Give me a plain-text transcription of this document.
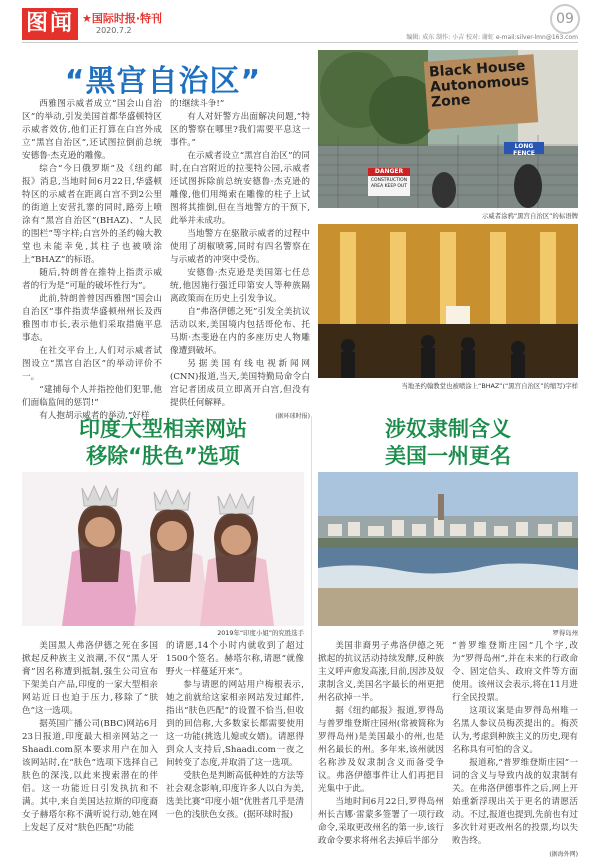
图闻 ★国际时报·特刊
2020.7.2
09
编辑: 成东 制作: 小吉 校对: 谢虹 e-mail:silver-lmn@163.com
“黑宫自治区”

西雅图示威者成立“国会山自治区”的举动,引发美国首都华盛顿特区示威者效仿,他们正打算在白宫外成立“黑宫自治区”,还试图拉倒前总统安德鲁·杰克逊的雕像。

综合“今日俄罗斯”及《纽约邮报》消息,当地时间6月22日,华盛顿特区的示威者在距离白宫不到2公里的街道上安营扎寨的同时,路旁上喷涂有“黑宫自治区”(BHAZ)、“人民的围栏”等字样;白宫外的圣约翰大教堂也未能幸免,其柱子也被喷涂上“BHAZ”的标语。

随后,特朗普在推特上指责示威者的行为是“可耻的破坏性行为”。

此前,特朗普曾因西雅图“国会山自治区”事件指责华盛顿州州长及西雅图市市长,表示他们采取措施平息事态。

在社交平台上,人们对示威者试图设立“黑宫自治区”的举动评价不一。

“建捕每个人并指控他们犯罪,他们面临监间的惩罚!”

有人抱胡示威者的举动,“好样

的!继续斗争!”

有人对奸警方出面解决问题,“特区的警察在哪里?我们需要平息这一事件。”

在示威者设立“黑宫自治区”的同时,在白宫附近的拉斐特公园,示威者还试图拆除前总统安德鲁·杰克逊的雕像,他们用绳索在雕像的柱子上试图将其推倒,但在当地警方的干预下,此举并未成功。

当地警方在驱散示威者的过程中使用了胡椒喷雾,同时有四名警察在与示威者的冲突中受伤。

安德鲁·杰克逊是美国第七任总统,他因施行强迁印第安人等种族隔离政策而在历史上引发争议。

自“弗洛伊德之死”引发全美抗议活动以来,美国境内包括哥伦布、托马斯·杰斐逊在内的多座历史人物雕像遭到破坏。

另据美国有线电视新闻网(CNN)报道,当天,美国特勤局命令白宫记者团成员立即离开白宫,但没有提供任何解释。

(据环球时报)

Black House Autonomous Zone
DANGER
CONSTRUCTION AREA KEEP OUT
LONG FENCE
示威者涂鸦“黑宫自治区”的标语牌
当地圣约翰教堂也被喷涂上“BHAZ”(“黑宫自治区”的缩写)字样
印度大型相亲网站
移除“肤色”选项
2019年“印度小姐”的究胜选手

美国黑人弗洛伊德之死在多国掀起反种族主义浪潮,不仅“黑人牙膏”因名称遭到抵制,强生公司宣布下架美白产品,印度的一家大型相亲网站近日也迫于压力,移除了“肤色”这一选项。

据英国广播公司(BBC)网站6月23日报道,印度最大相亲网站之一Shaadi.com原本要求用户在加入该网站时,在“肤色”选项下选择自己肤色的深浅,以此来搜索潜在的伴侣。这一功能近日引发执抗和不满。其中,来自美国达拉斯的印度裔女子赫塔尔称不满听说行动,她在网上发起了反对“肤色匹配”功能

的请愿,14个小时内就收到了超过1500个签名。赫塔尔称,请愿“就像野火一样蔓延开来”。

参与请愿的网站用户梅根表示,她之前就给这家相亲网站发过邮件,指出“肤色匹配”的设置不恰当,但收到的回信称,大多数家长都需要使用这一功能(挑选儿媳或女婿)。请愿得到众人支持后,Shaadi.com一夜之间转变了态度,并取消了这一选项。

受肤色是判断高低种姓的方法等社会观念影响,印度许多人以白为美,选美比赛“印度小姐”优胜者几乎是清一色的浅肤色女孩。(据环球时报)

涉奴隶制含义
美国一州更名
罗得岛州

美国非裔男子弗洛伊德之死掀起的抗议活动持续发酵,反种族主义呼声愈发高涨,目前,因涉及奴隶制含义,美国名字最长的州更把州名砍掉一半。

据《纽约邮报》报道,罗得岛与普罗维登斯庄园州(常被简称为罗得岛州)是美国最小的州,也是州名最长的州。多年来,该州就因名称涉及奴隶制含义而备受争议。弗洛伊德事件让人们再把目光集中于此。

当地时间6月22日,罗得岛州州长吉娜·雷蒙多签署了一项行政命令,采取更改州名的第一步,该行政命令要求将州名去掉后半部分

“普罗维登斯庄园”几个字,改为“罗得岛州”,并在未来的行政命令、固定信头、政府文件等方面使用。该州议会表示,将在11月进行全民投票。

这项议案是由罗得岛州唯一名黑人参议员梅茨提出的。梅茨认为,考虑到种族主义的历史,现有名称具有可怕的含义。

报道称,“普罗维登斯庄园”一词的含义与导致内战的奴隶制有关。在弗洛伊德事件之后,网上开始重新浮现出关于更名的请愿活动。不过,报道也提到,先前也有过多次针对更改州名的投票,均以失败告终。

(据海外网)
